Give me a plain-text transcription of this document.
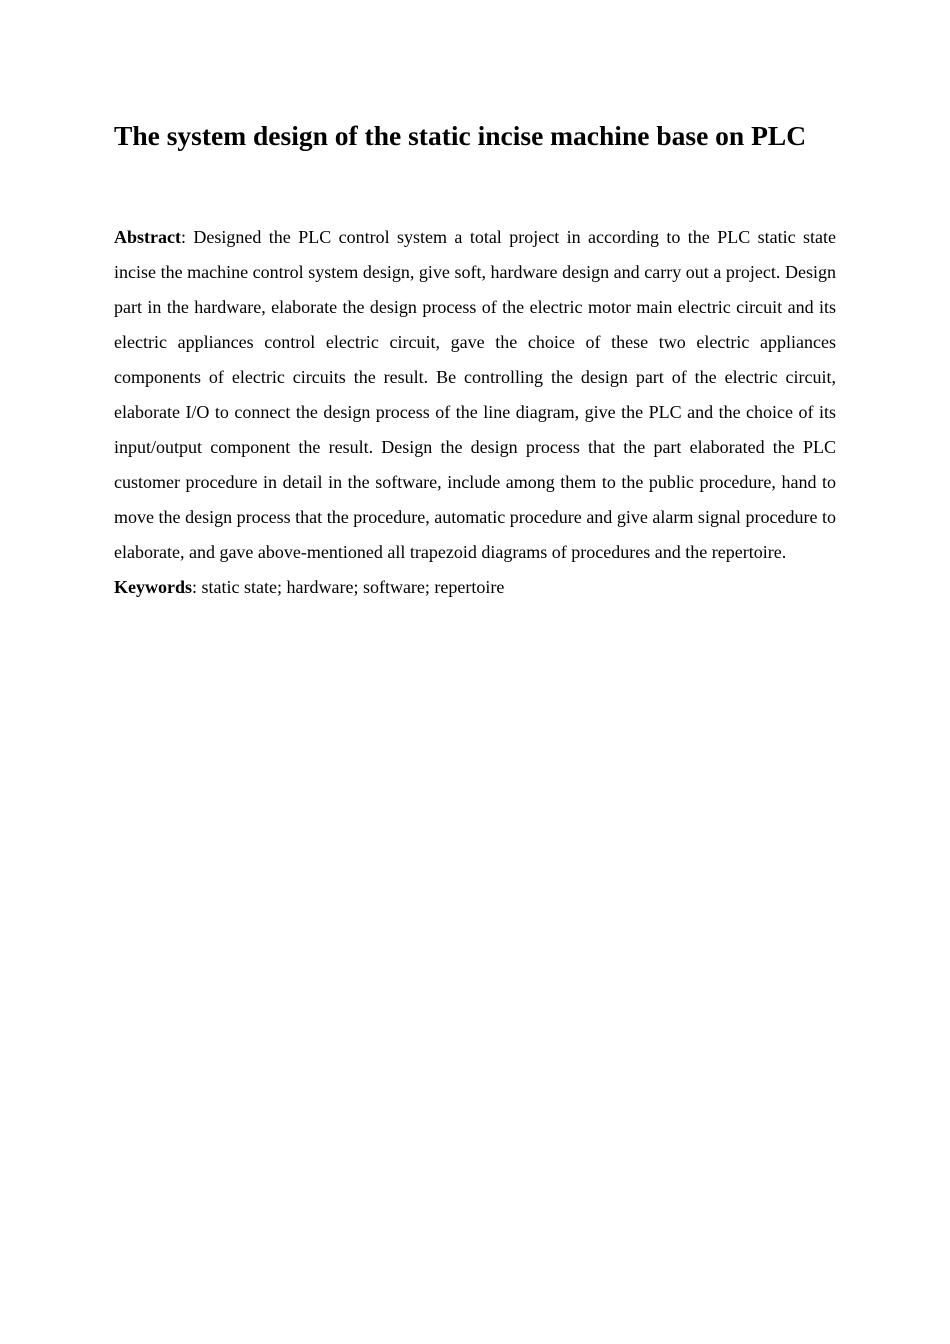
The system design of the static incise machine base on PLC

Abstract: Designed the PLC control system a total project in according to the PLC static state incise the machine control system design, give soft, hardware design and carry out a project. Design part in the hardware, elaborate the design process of the electric motor main electric circuit and its electric appliances control electric circuit, gave the choice of these two electric appliances components of electric circuits the result. Be controlling the design part of the electric circuit, elaborate I/O to connect the design process of the line diagram, give the PLC and the choice of its input/output component the result. Design the design process that the part elaborated the PLC customer procedure in detail in the software, include among them to the public procedure, hand to move the design process that the procedure, automatic procedure and give alarm signal procedure to elaborate, and gave above-mentioned all trapezoid diagrams of procedures and the repertoire.

Keywords: static state; hardware; software; repertoire
